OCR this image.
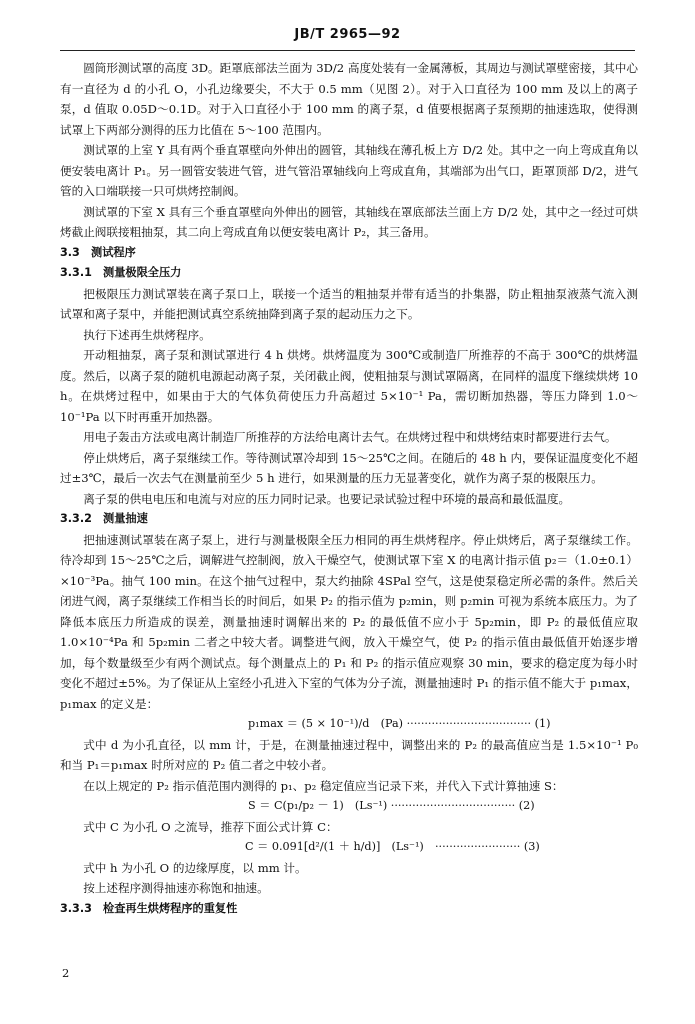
JB/T 2965—92

圆筒形测试罩的高度 3D。距罩底部法兰面为 3D/2 高度处装有一金属薄板，其周边与测试罩壁密接，其中心有一直径为 d 的小孔 O，小孔边缘要尖，不大于 0.5 mm（见图 2）。对于入口直径为 100 mm 及以上的离子泵，d 值取 0.05D～0.1D。对于入口直径小于 100 mm 的离子泵，d 值要根据离子泵预期的抽速选取，使得测试罩上下两部分测得的压力比值在 5～100 范围内。

测试罩的上室 Y 具有两个垂直罩壁向外伸出的圆管，其轴线在薄孔板上方 D/2 处。其中之一向上弯成直角以便安装电离计 P₁。另一圆管安装进气管，进气管沿罩轴线向上弯成直角，其端部为出气口，距罩顶部 D/2，进气管的入口端联接一只可烘烤控制阀。

测试罩的下室 X 具有三个垂直罩壁向外伸出的圆管，其轴线在罩底部法兰面上方 D/2 处，其中之一经过可烘烤截止阀联接粗抽泵，其二向上弯成直角以便安装电离计 P₂，其三备用。

3.3　测试程序

3.3.1　测量极限全压力

把极限压力测试罩装在离子泵口上，联接一个适当的粗抽泵并带有适当的扑集器，防止粗抽泵液蒸气流入测试罩和离子泵中，并能把测试真空系统抽降到离子泵的起动压力之下。

执行下述再生烘烤程序。

开动粗抽泵，离子泵和测试罩进行 4 h 烘烤。烘烤温度为 300℃或制造厂所推荐的不高于 300℃的烘烤温度。然后，以离子泵的随机电源起动离子泵，关闭截止阀，使粗抽泵与测试罩隔离，在同样的温度下继续烘烤 10 h。在烘烤过程中，如果由于大的气体负荷使压力升高超过 5×10⁻¹ Pa，需切断加热器，等压力降到 1.0～10⁻¹Pa 以下时再重开加热器。

用电子轰击方法或电离计制造厂所推荐的方法给电离计去气。在烘烤过程中和烘烤结束时都要进行去气。

停止烘烤后，离子泵继续工作。等待测试罩冷却到 15～25℃之间。在随后的 48 h 内，要保证温度变化不超过±3℃，最后一次去气在测量前至少 5 h 进行，如果测量的压力无显著变化，就作为离子泵的极限压力。

离子泵的供电电压和电流与对应的压力同时记录。也要记录试验过程中环境的最高和最低温度。

3.3.2　测量抽速

把抽速测试罩装在离子泵上，进行与测量极限全压力相同的再生烘烤程序。停止烘烤后，离子泵继续工作。待冷却到 15～25℃之后，调解进气控制阀，放入干燥空气，使测试罩下室 X 的电离计指示值 p₂＝（1.0±0.1）×10⁻³Pa。抽气 100 min。在这个抽气过程中，泵大约抽除 4SPal 空气，这是使泵稳定所必需的条件。然后关闭进气阀，离子泵继续工作相当长的时间后，如果 P₂ 的指示值为 p₂min，则 p₂min 可视为系统本底压力。为了降低本底压力所造成的误差，测量抽速时调解出来的 P₂ 的最低值不应小于 5p₂min，即 P₂ 的最低值应取 1.0×10⁻⁴Pa 和 5p₂min 二者之中较大者。调整进气阀，放入干燥空气，使 P₂ 的指示值由最低值开始逐步增加，每个数量级至少有两个测试点。每个测量点上的 P₁ 和 P₂ 的指示值应观察 30 min，要求的稳定度为每小时变化不超过±5%。为了保证从上室经小孔进入下室的气体为分子流，测量抽速时 P₁ 的指示值不能大于 p₁max，p₁max 的定义是：

p₁max ＝ (5 × 10⁻¹)/d　(Pa) ··································· (1)

式中 d 为小孔直径，以 mm 计，于是，在测量抽速过程中，调整出来的 P₂ 的最高值应当是 1.5×10⁻¹ P₀ 和当 P₁＝p₁max 时所对应的 P₂ 值二者之中较小者。

在以上规定的 P₂ 指示值范围内测得的 p₁、p₂ 稳定值应当记录下来，并代入下式计算抽速 S：

S ＝ C(p₁/p₂ － 1)　(Ls⁻¹) ··································· (2)

式中 C 为小孔 O 之流导，推荐下面公式计算 C：

C ＝ 0.091[d²/(1 ＋ h/d)]　(Ls⁻¹)　························ (3)

式中 h 为小孔 O 的边缘厚度，以 mm 计。

按上述程序测得抽速亦称饱和抽速。

3.3.3　检查再生烘烤程序的重复性

2
